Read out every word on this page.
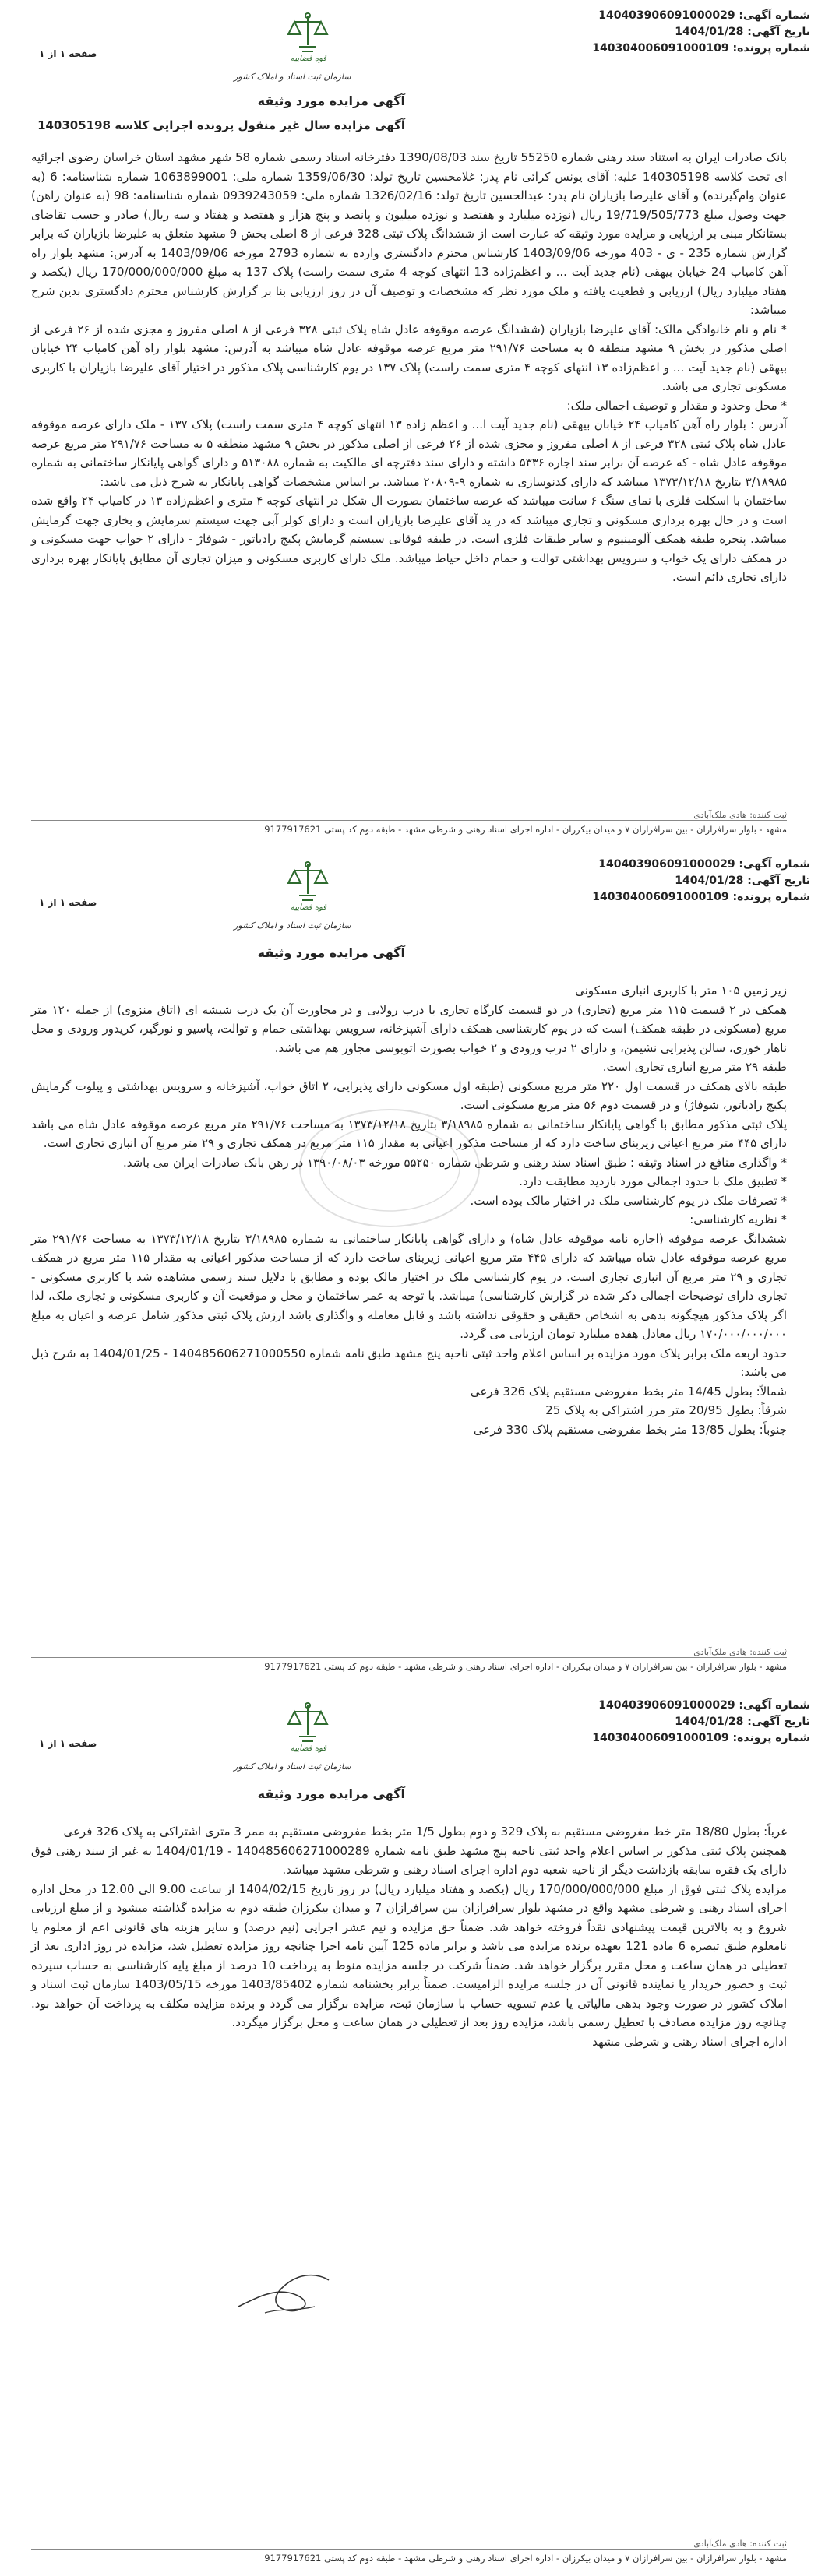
قوه قضاییه
سازمان ثبت اسناد و املاک کشور
شماره آگهی: 140403906091000029
تاریخ آگهی: 1404/01/28
شماره پرونده: 140304006091000109
صفحه ۱ از ۱
آگهی مزایده مورد وثیقه
آگهی مزایده سال غیر منقول پرونده اجرایی کلاسه 140305198

بانک صادرات ایران به استناد سند رهنی شماره 55250 تاریخ سند 1390/08/03 دفترخانه اسناد رسمی شماره 58 شهر مشهد استان خراسان رضوی اجرائیه ای تحت کلاسه 140305198 علیه: آقای یونس کرائی نام پدر: غلامحسین تاریخ تولد: 1359/06/30 شماره ملی: 1063899001 شماره شناسنامه: 6 (به عنوان وام‌گیرنده) و آقای علیرضا بازیاران نام پدر: عبدالحسین تاریخ تولد: 1326/02/16 شماره ملی: 0939243059 شماره شناسنامه: 98 (به عنوان راهن) جهت وصول مبلغ 19/719/505/773 ریال (نوزده میلیارد و هفتصد و نوزده میلیون و پانصد و پنج هزار و هفتصد و هفتاد و سه ریال) صادر و حسب تقاضای بستانکار مبنی بر ارزیابی و مزایده مورد وثیقه که عبارت است از ششدانگ پلاک ثبتی 328 فرعی از 8 اصلی بخش 9 مشهد متعلق به علیرضا بازیاران که برابر گزارش شماره 235 - ی - 403 مورخه 1403/09/06 کارشناس محترم دادگستری وارده به شماره 2793 مورخه 1403/09/06 به آدرس: مشهد بلوار راه آهن کامیاب 24 خیابان بیهقی (نام جدید آیت ... و اعظم‌زاده 13 انتهای کوچه 4 متری سمت راست) پلاک 137 به مبلغ 170/000/000/000 ریال (یکصد و هفتاد میلیارد ریال) ارزیابی و قطعیت یافته و ملک مورد نظر که مشخصات و توصیف آن در روز ارزیابی بنا بر گزارش کارشناس محترم دادگستری بدین شرح میباشد:

* نام و نام خانوادگی مالک: آقای علیرضا بازیاران (ششدانگ عرصه موقوفه عادل شاه پلاک ثبتی ۳۲۸ فرعی از ۸ اصلی مفروز و مجزی شده از ۲۶ فرعی از اصلی مذکور در بخش ۹ مشهد منطقه ۵ به مساحت ۲۹۱/۷۶ متر مربع عرصه موقوفه عادل شاه میباشد به آدرس: مشهد بلوار راه آهن کامیاب ۲۴ خیابان بیهقی (نام جدید آیت ... و اعظم‌زاده ۱۳ انتهای کوچه ۴ متری سمت راست) پلاک ۱۳۷ در یوم کارشناسی پلاک مذکور در اختیار آقای علیرضا بازیاران با کاربری مسکونی تجاری می باشد.

* محل وحدود و مقدار و توصیف اجمالی ملک:

آدرس : بلوار راه آهن کامیاب ۲۴ خیابان بیهقی (نام جدید آیت ا... و اعظم زاده ۱۳ انتهای کوچه ۴ متری سمت راست) پلاک ۱۳۷ - ملک دارای عرصه موقوفه عادل شاه پلاک ثبتی ۳۲۸ فرعی از ۸ اصلی مفروز و مجزی شده از ۲۶ فرعی از اصلی مذکور در بخش ۹ مشهد منطقه ۵ به مساحت ۲۹۱/۷۶ متر مربع عرصه موقوفه عادل شاه - که عرصه آن برابر سند اجاره ۵۳۳۶ داشته و دارای سند دفترچه ای مالکیت به شماره ۵۱۳۰۸۸ و دارای گواهی پایانکار ساختمانی به شماره ۳/۱۸۹۸۵ بتاریخ ۱۳۷۳/۱۲/۱۸ میباشد که دارای کدنوسازی به شماره ۹-۲۰۸۰۹ میباشد. بر اساس مشخصات گواهی پایانکار به شرح ذیل می باشد:

ساختمان با اسکلت فلزی با نمای سنگ ۶ سانت میباشد که عرصه ساختمان بصورت ال شکل در انتهای کوچه ۴ متری و اعظم‌زاده ۱۳ در کامیاب ۲۴ واقع شده است و در حال بهره برداری مسکونی و تجاری میباشد که در ید آقای علیرضا بازیاران است و دارای کولر آبی جهت سیستم سرمایش و بخاری جهت گرمایش میباشد. پنجره طبقه همکف آلومینیوم و سایر طبقات فلزی است. در طبقه فوقانی سیستم گرمایش پکیج رادیاتور - شوفاژ - دارای ۲ خواب جهت مسکونی و در همکف دارای یک خواب و سرویس بهداشتی توالت و حمام داخل حیاط میباشد. ملک دارای کاربری مسکونی و میزان تجاری آن مطابق پایانکار بهره برداری دارای تجاری دائم است.

ثبت کننده: هادی ملک‌آبادی
مشهد - بلوار سرافرازان - بین سرافرازان ۷ و میدان بیکرزان - اداره اجرای اسناد رهنی و شرطی مشهد - طبقه دوم کد پستی 9177917621
قوه قضاییه
سازمان ثبت اسناد و املاک کشور
شماره آگهی: 140403906091000029
تاریخ آگهی: 1404/01/28
شماره پرونده: 140304006091000109
صفحه ۱ از ۱
آگهی مزایده مورد وثیقه

زیر زمین ۱۰۵ متر با کاربری انباری مسکونی

همکف در ۲ قسمت ۱۱۵ متر مربع (تجاری) در دو قسمت کارگاه تجاری با درب رولایی و در مجاورت آن یک درب شیشه ای (اتاق منزوی) از جمله ۱۲۰ متر مربع (مسکونی در طبقه همکف) است که در یوم کارشناسی همکف دارای آشپزخانه، سرویس بهداشتی حمام و توالت، پاسیو و نورگیر، کریدور ورودی و محل ناهار خوری، سالن پذیرایی نشیمن، و دارای ۲ درب ورودی و ۲ خواب بصورت اتوبوسی مجاور هم می باشد.

طبقه ۲۹ متر مربع انباری تجاری است.

طبقه بالای همکف در قسمت اول ۲۲۰ متر مربع مسکونی (طبقه اول مسکونی دارای پذیرایی، ۲ اتاق خواب، آشپزخانه و سرویس بهداشتی و پیلوت گرمایش پکیج رادیاتور، شوفاژ) و در قسمت دوم ۵۶ متر مربع مسکونی است.

پلاک ثبتی مذکور مطابق با گواهی پایانکار ساختمانی به شماره ۳/۱۸۹۸۵ بتاریخ ۱۳۷۳/۱۲/۱۸ به مساحت ۲۹۱/۷۶ متر مربع عرصه موقوفه عادل شاه می باشد دارای ۴۴۵ متر مربع اعیانی زیربنای ساخت دارد که از مساحت مذکور اعیانی به مقدار ۱۱۵ متر مربع در همکف تجاری و ۲۹ متر مربع آن انباری تجاری است.

* واگذاری منافع در اسناد وثیقه : طبق اسناد سند رهنی و شرطی شماره ۵۵۲۵۰ مورخه ۱۳۹۰/۰۸/۰۳ در رهن بانک صادرات ایران می باشد.

* تطبیق ملک با حدود اجمالی مورد بازدید مطابقت دارد.

* تصرفات ملک در یوم کارشناسی ملک در اختیار مالک بوده است.

* نظریه کارشناسی:

ششدانگ عرصه موقوفه (اجاره نامه موقوفه عادل شاه) و دارای گواهی پایانکار ساختمانی به شماره ۳/۱۸۹۸۵ بتاریخ ۱۳۷۳/۱۲/۱۸ به مساحت ۲۹۱/۷۶ متر مربع عرصه موقوفه عادل شاه میباشد که دارای ۴۴۵ متر مربع اعیانی زیربنای ساخت دارد که از مساحت مذکور اعیانی به مقدار ۱۱۵ متر مربع در همکف تجاری و ۲۹ متر مربع آن انباری تجاری است. در یوم کارشناسی ملک در اختیار مالک بوده و مطابق با دلایل سند رسمی مشاهده شد با کاربری مسکونی - تجاری دارای توضیحات اجمالی ذکر شده در گزارش کارشناسی) میباشد. با توجه به عمر ساختمان و محل و موقعیت آن و کاربری مسکونی و تجاری ملک، لذا اگر پلاک مذکور هیچگونه بدهی به اشخاص حقیقی و حقوقی نداشته باشد و قابل معامله و واگذاری باشد ارزش پلاک ثبتی مذکور شامل عرصه و اعیان به مبلغ ۱۷۰/۰۰۰/۰۰۰/۰۰۰ ریال معادل هفده میلیارد تومان ارزیابی می گردد.

حدود اربعه ملک برابر پلاک مورد مزایده بر اساس اعلام واحد ثبتی ناحیه پنج مشهد طبق نامه شماره 140485606271000550 - 1404/01/25 به شرح ذیل می باشد:

شمالاً: بطول 14/45 متر بخط مفروضی مستقیم پلاک 326 فرعی

شرقاً: بطول 20/95 متر مرز اشتراکی به پلاک 25

جنوباً: بطول 13/85 متر بخط مفروضی مستقیم پلاک 330 فرعی

ثبت کننده: هادی ملک‌آبادی
مشهد - بلوار سرافرازان - بین سرافرازان ۷ و میدان بیکرزان - اداره اجرای اسناد رهنی و شرطی مشهد - طبقه دوم کد پستی 9177917621
قوه قضاییه
سازمان ثبت اسناد و املاک کشور
شماره آگهی: 140403906091000029
تاریخ آگهی: 1404/01/28
شماره پرونده: 140304006091000109
صفحه ۱ از ۱
آگهی مزایده مورد وثیقه

غرباً: بطول 18/80 متر خط مفروضی مستقیم به پلاک 329 و دوم بطول 1/5 متر بخط مفروضی مستقیم به ممر 3 متری اشتراکی به پلاک 326 فرعی

همچنین پلاک ثبتی مذکور بر اساس اعلام واحد ثبتی ناحیه پنج مشهد طبق نامه شماره 140485606271000289 - 1404/01/19 به غیر از سند رهنی فوق دارای یک فقره سابقه بازداشت دیگر از ناحیه شعبه دوم اداره اجرای اسناد رهنی و شرطی مشهد میباشد.

مزایده پلاک ثبتی فوق از مبلغ 170/000/000/000 ریال (یکصد و هفتاد میلیارد ریال) در روز تاریخ 1404/02/15 از ساعت 9.00 الی 12.00 در محل اداره اجرای اسناد رهنی و شرطی مشهد واقع در مشهد بلوار سرافرازان بین سرافرازان 7 و میدان بیکرزان طبقه دوم به مزایده گذاشته میشود و از مبلغ ارزیابی شروع و به بالاترین قیمت پیشنهادی نقداً فروخته خواهد شد. ضمناً حق مزایده و نیم عشر اجرایی (نیم درصد) و سایر هزینه های قانونی اعم از معلوم یا نامعلوم طبق تبصره 6 ماده 121 بعهده برنده مزایده می باشد و برابر ماده 125 آیین نامه اجرا چنانچه روز مزایده تعطیل شد، مزایده در روز اداری بعد از تعطیلی در همان ساعت و محل مقرر برگزار خواهد شد. ضمناً شرکت در جلسه مزایده منوط به پرداخت 10 درصد از مبلغ پایه کارشناسی به حساب سپرده ثبت و حضور خریدار یا نماینده قانونی آن در جلسه مزایده الزامیست. ضمناً برابر بخشنامه شماره 1403/85402 مورخه 1403/05/15 سازمان ثبت اسناد و املاک کشور در صورت وجود بدهی مالیاتی یا عدم تسویه حساب با سازمان ثبت، مزایده برگزار می گردد و برنده مزایده مکلف به پرداخت آن خواهد بود. چنانچه روز مزایده مصادف با تعطیل رسمی باشد، مزایده روز بعد از تعطیلی در همان ساعت و محل برگزار میگردد.

اداره اجرای اسناد رهنی و شرطی مشهد

ثبت کننده: هادی ملک‌آبادی
مشهد - بلوار سرافرازان - بین سرافرازان ۷ و میدان بیکرزان - اداره اجرای اسناد رهنی و شرطی مشهد - طبقه دوم کد پستی 9177917621
